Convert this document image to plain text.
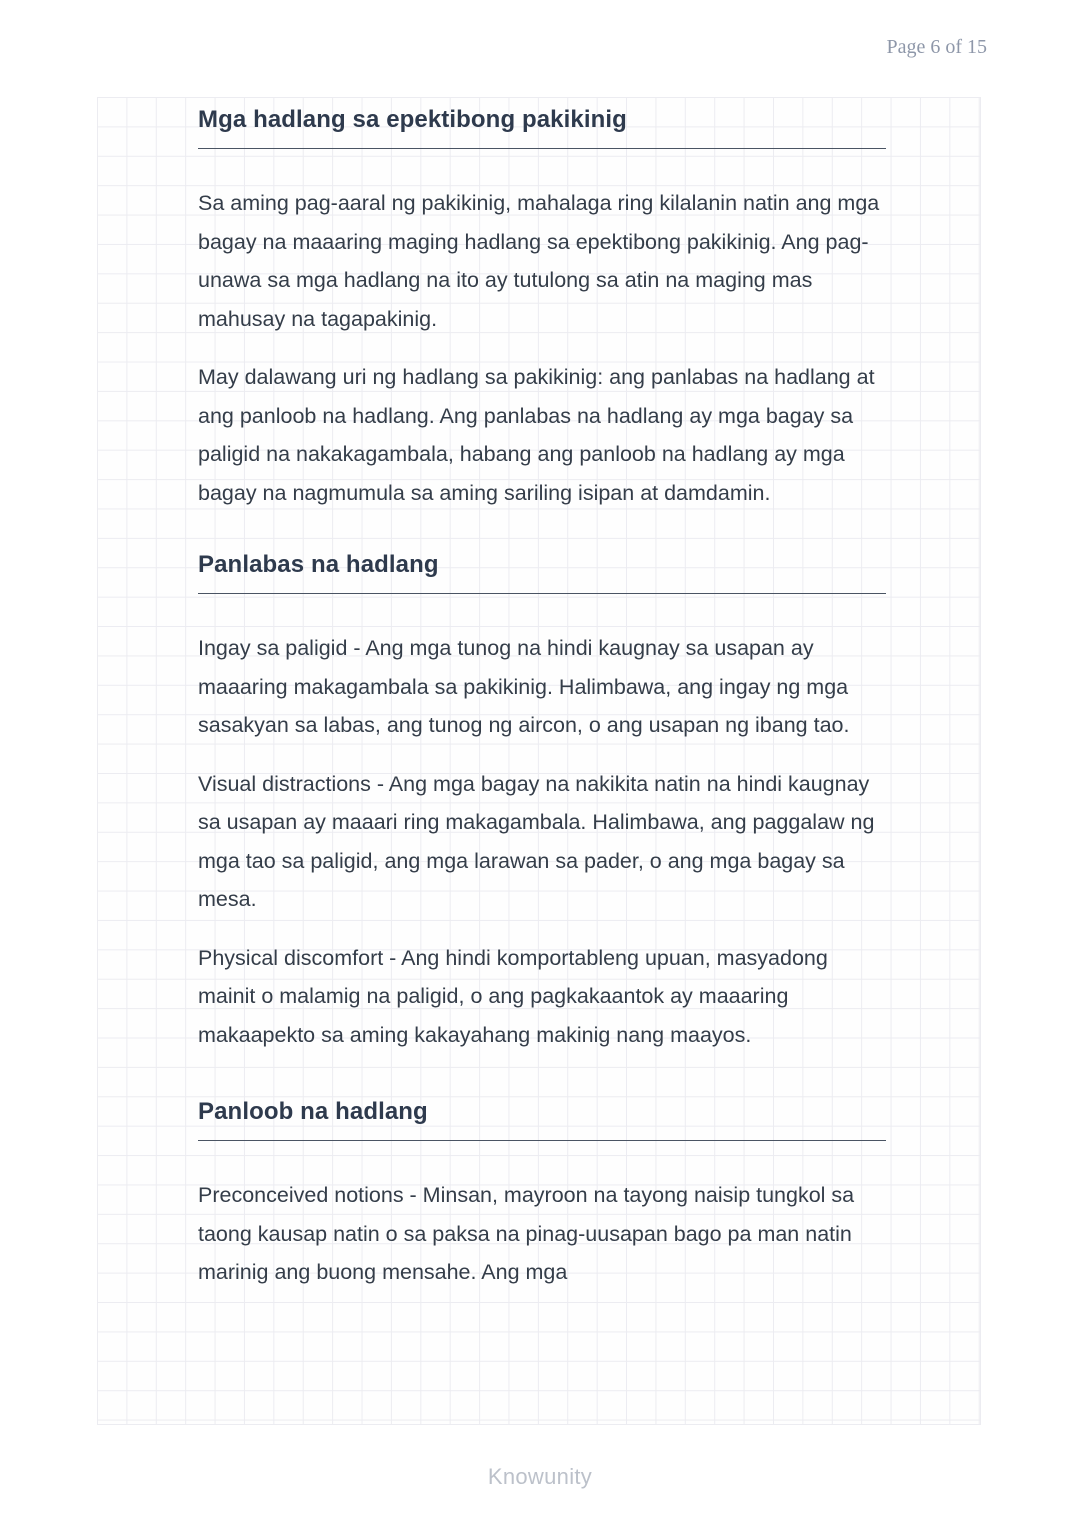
Page 6 of 15
Mga hadlang sa epektibong pakikinig

Sa aming pag-aaral ng pakikinig, mahalaga ring kilalanin natin ang mga bagay na maaaring maging hadlang sa epektibong pakikinig. Ang pag-unawa sa mga hadlang na ito ay tutulong sa atin na maging mas mahusay na tagapakinig.

May dalawang uri ng hadlang sa pakikinig: ang panlabas na hadlang at ang panloob na hadlang. Ang panlabas na hadlang ay mga bagay sa paligid na nakakagambala, habang ang panloob na hadlang ay mga bagay na nagmumula sa aming sariling isipan at damdamin.

Panlabas na hadlang

Ingay sa paligid - Ang mga tunog na hindi kaugnay sa usapan ay maaaring makagambala sa pakikinig. Halimbawa, ang ingay ng mga sasakyan sa labas, ang tunog ng aircon, o ang usapan ng ibang tao.

Visual distractions - Ang mga bagay na nakikita natin na hindi kaugnay sa usapan ay maaari ring makagambala. Halimbawa, ang paggalaw ng mga tao sa paligid, ang mga larawan sa pader, o ang mga bagay sa mesa.

Physical discomfort - Ang hindi komportableng upuan, masyadong mainit o malamig na paligid, o ang pagkakaantok ay maaaring makaapekto sa aming kakayahang makinig nang maayos.

Panloob na hadlang

Preconceived notions - Minsan, mayroon na tayong naisip tungkol sa taong kausap natin o sa paksa na pinag-uusapan bago pa man natin marinig ang buong mensahe. Ang mga

Knowunity
